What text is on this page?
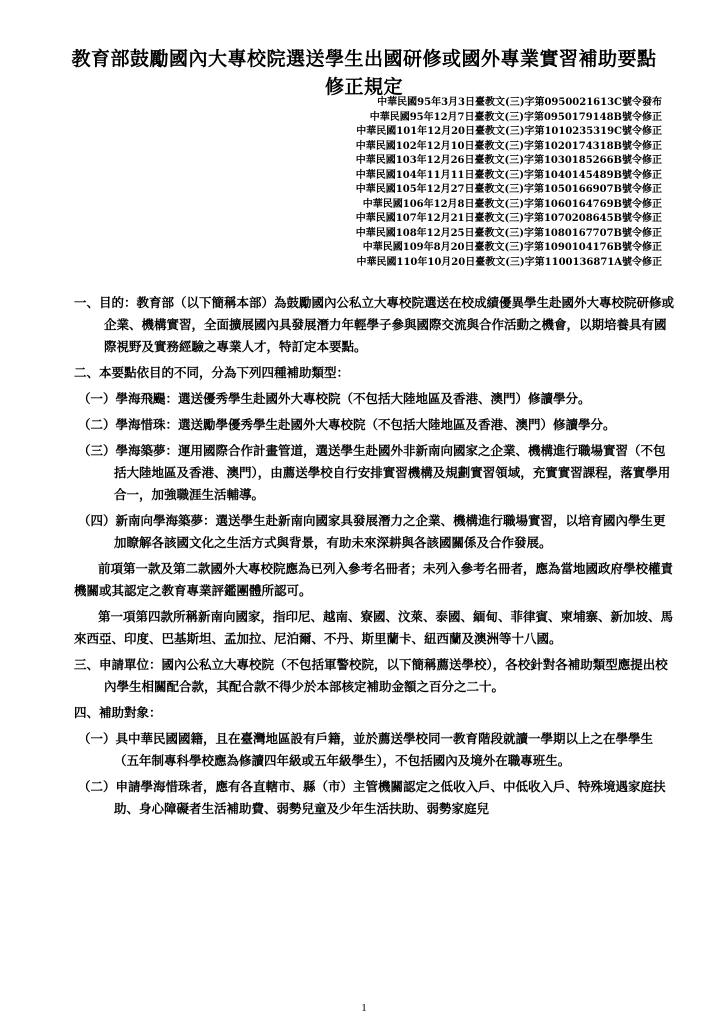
教育部鼓勵國內大專校院選送學生出國研修或國外專業實習補助要點
修正規定
中華民國95年3月3日臺教文(三)字第0950021613C號令發布
中華民國95年12月7日臺教文(三)字第0950179148B號令修正
中華民國101年12月20日臺教文(三)字第1010235319C號令修正
中華民國102年12月10日臺教文(三)字第1020174318B號令修正
中華民國103年12月26日臺教文(三)字第1030185266B號令修正
中華民國104年11月11日臺教文(三)字第1040145489B號令修正
中華民國105年12月27日臺教文(三)字第1050166907B號令修正
中華民國106年12月8日臺教文(三)字第1060164769B號令修正
中華民國107年12月21日臺教文(三)字第1070208645B號令修正
中華民國108年12月25日臺教文(三)字第1080167707B號令修正
中華民國109年8月20日臺教文(三)字第1090104176B號令修正
中華民國110年10月20日臺教文(三)字第1100136871A號令修正

一、目的：教育部（以下簡稱本部）為鼓勵國內公私立大專校院選送在校成績優異學生赴國外大專校院研修或企業、機構實習，全面擴展國內具發展潛力年輕學子參與國際交流與合作活動之機會，以期培養具有國際視野及實務經驗之專業人才，特訂定本要點。

二、本要點依目的不同，分為下列四種補助類型：

（一）學海飛颺：選送優秀學生赴國外大專校院（不包括大陸地區及香港、澳門）修讀學分。

（二）學海惜珠：選送勵學優秀學生赴國外大專校院（不包括大陸地區及香港、澳門）修讀學分。

（三）學海築夢：運用國際合作計畫管道，選送學生赴國外非新南向國家之企業、機構進行職場實習（不包括大陸地區及香港、澳門），由薦送學校自行安排實習機構及規劃實習領域，充實實習課程，落實學用合一，加強職涯生活輔導。

（四）新南向學海築夢：選送學生赴新南向國家具發展潛力之企業、機構進行職場實習，以培育國內學生更加瞭解各該國文化之生活方式與背景，有助未來深耕與各該國關係及合作發展。

前項第一款及第二款國外大專校院應為已列入參考名冊者；未列入參考名冊者，應為當地國政府學校權責機關或其認定之教育專業評鑑團體所認可。

第一項第四款所稱新南向國家，指印尼、越南、寮國、汶萊、泰國、緬甸、菲律賓、柬埔寨、新加坡、馬來西亞、印度、巴基斯坦、孟加拉、尼泊爾、不丹、斯里蘭卡、紐西蘭及澳洲等十八國。

三、申請單位：國內公私立大專校院（不包括軍警校院，以下簡稱薦送學校），各校針對各補助類型應提出校內學生相關配合款，其配合款不得少於本部核定補助金額之百分之二十。

四、補助對象：

（一）具中華民國國籍，且在臺灣地區設有戶籍，並於薦送學校同一教育階段就讀一學期以上之在學學生（五年制專科學校應為修讀四年級或五年級學生），不包括國內及境外在職專班生。

（二）申請學海惜珠者，應有各直轄市、縣（市）主管機關認定之低收入戶、中低收入戶、特殊境遇家庭扶助、身心障礙者生活補助費、弱勢兒童及少年生活扶助、弱勢家庭兒

1
